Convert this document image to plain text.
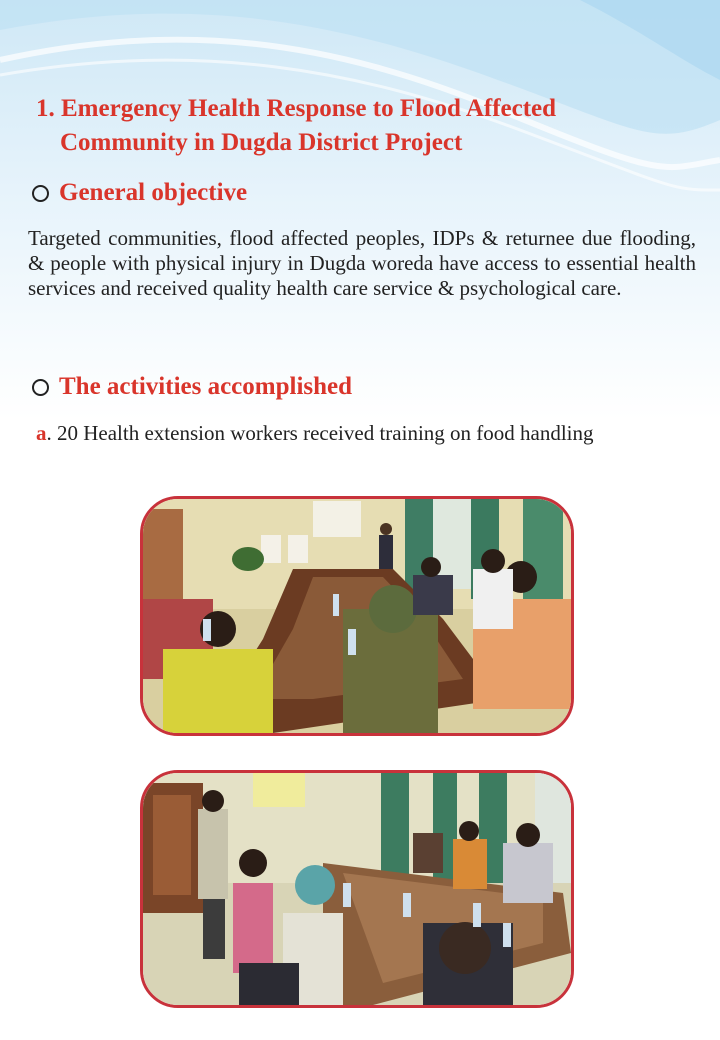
1. Emergency Health Response to Flood Affected
Community in Dugda District Project
General objective
Targeted communities, flood affected peoples, IDPs & returnee due flooding, & people with physical injury in Dugda woreda have access to essential health services and received quality health care service & psychological care.
The activities accomplished
a. 20 Health extension workers received training on food handling
